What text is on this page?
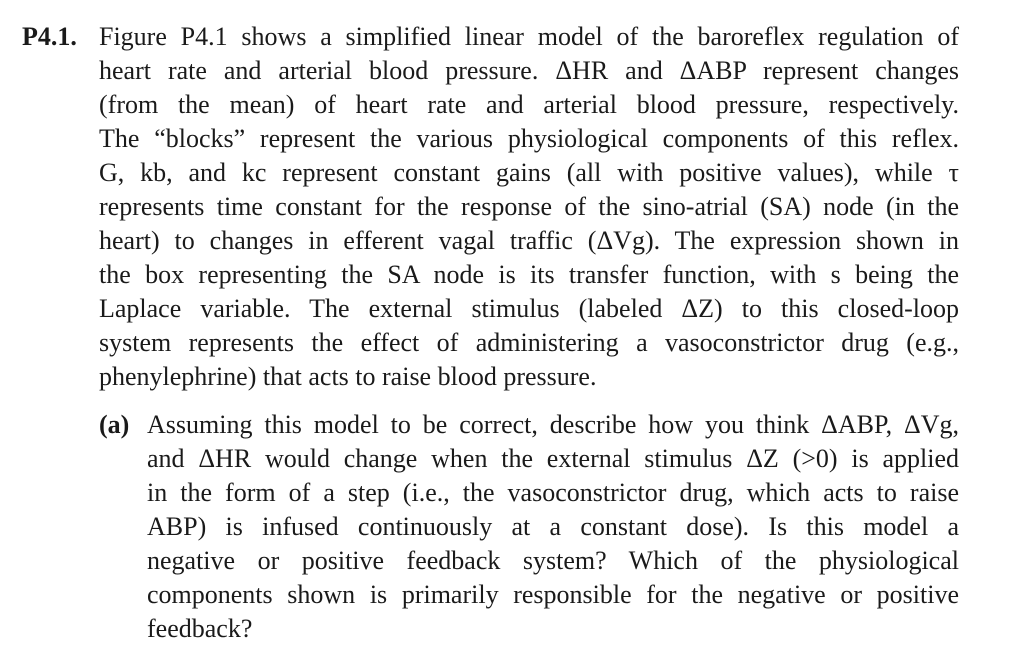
P4.1. Figure P4.1 shows a simplified linear model of the baroreflex regulation of
heart rate and arterial blood pressure. ΔHR and ΔABP represent changes
(from the mean) of heart rate and arterial blood pressure, respectively.
The “blocks” represent the various physiological components of this reflex.
G, kb, and kc represent constant gains (all with positive values), while τ
represents time constant for the response of the sino-atrial (SA) node (in the
heart) to changes in efferent vagal traffic (ΔVg). The expression shown in
the box representing the SA node is its transfer function, with s being the
Laplace variable. The external stimulus (labeled ΔZ) to this closed-loop
system represents the effect of administering a vasoconstrictor drug (e.g.,
phenylephrine) that acts to raise blood pressure.
(a) Assuming this model to be correct, describe how you think ΔABP, ΔVg,
and ΔHR would change when the external stimulus ΔZ (>0) is applied
in the form of a step (i.e., the vasoconstrictor drug, which acts to raise
ABP) is infused continuously at a constant dose). Is this model a
negative or positive feedback system? Which of the physiological
components shown is primarily responsible for the negative or positive
feedback?
